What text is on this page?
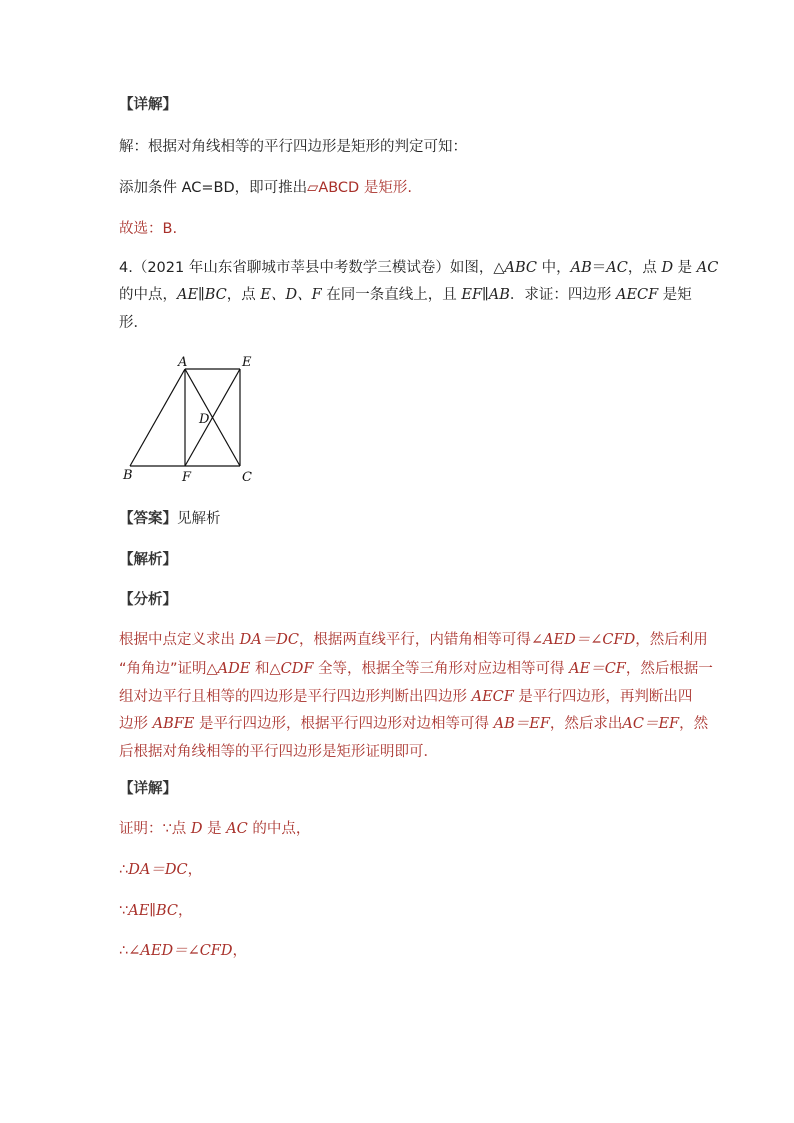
【详解】
解：根据对角线相等的平行四边形是矩形的判定可知：
添加条件 AC=BD，即可推出▱ABCD 是矩形.
故选：B.
4.（2021 年山东省聊城市莘县中考数学三模试卷）如图，△ABC 中，AB＝AC，点 D 是 AC
的中点，AE∥BC，点 E、D、F 在同一条直线上，且 EF∥AB．求证：四边形 AECF 是矩
形．
A	E
D
B	F	C
【答案】见解析
【解析】
【分析】
根据中点定义求出 DA＝DC，根据两直线平行，内错角相等可得∠AED＝∠CFD，然后利用
“角角边”证明△ADE 和△CDF 全等，根据全等三角形对应边相等可得 AE＝CF，然后根据一
组对边平行且相等的四边形是平行四边形判断出四边形 AECF 是平行四边形，再判断出四
边形 ABFE 是平行四边形，根据平行四边形对边相等可得 AB＝EF，然后求出AC＝EF，然
后根据对角线相等的平行四边形是矩形证明即可．
【详解】
证明：∵点 D 是 AC 的中点，
∴DA＝DC，
∵AE∥BC，
∴∠AED＝∠CFD，
